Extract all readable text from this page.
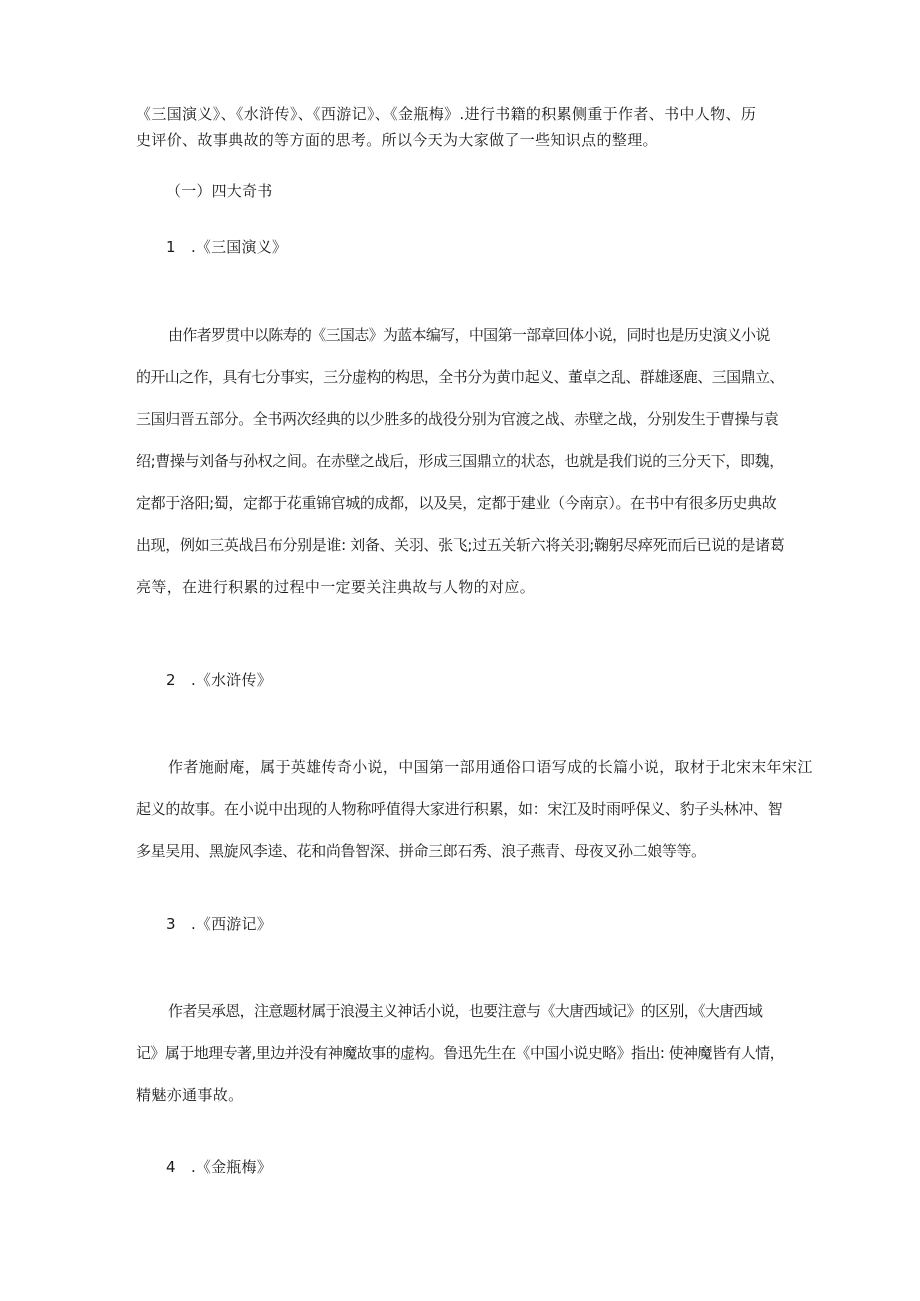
《三国演义》、《水浒传》、《西游记》、《金瓶梅》.进行书籍的积累侧重于作者、书中人物、历
史评价、故事典故的等方面的思考。所以今天为大家做了一些知识点的整理。
（一）四大奇书
1　.《三国演义》
由作者罗贯中以陈寿的《三国志》为蓝本编写，中国第一部章回体小说，同时也是历史演义小说
的开山之作，具有七分事实，三分虚构的构思，全书分为黄巾起义、董卓之乱、群雄逐鹿、三国鼎立、
三国归晋五部分。全书两次经典的以少胜多的战役分别为官渡之战、赤壁之战，分别发生于曹操与袁
绍;曹操与刘备与孙权之间。在赤壁之战后，形成三国鼎立的状态，也就是我们说的三分天下，即魏，
定都于洛阳;蜀，定都于花重锦官城的成都，以及吴，定都于建业（今南京）。在书中有很多历史典故
出现，例如三英战吕布分别是谁: 刘备、关羽、张飞;过五关斩六将关羽;鞠躬尽瘁死而后已说的是诸葛
亮等，在进行积累的过程中一定要关注典故与人物的对应。
2　.《水浒传》
作者施耐庵，属于英雄传奇小说，中国第一部用通俗口语写成的长篇小说，取材于北宋末年宋江
起义的故事。在小说中出现的人物称呼值得大家进行积累，如：宋江及时雨呼保义、豹子头林冲、智
多星吴用、黑旋风李逵、花和尚鲁智深、拼命三郎石秀、浪子燕青、母夜叉孙二娘等等。
3　.《西游记》
作者吴承恩，注意题材属于浪漫主义神话小说，也要注意与《大唐西域记》的区别，《大唐西域
记》属于地理专著,里边并没有神魔故事的虚构。鲁迅先生在《中国小说史略》指出: 使神魔皆有人情，
精魅亦通事故。
4　.《金瓶梅》
